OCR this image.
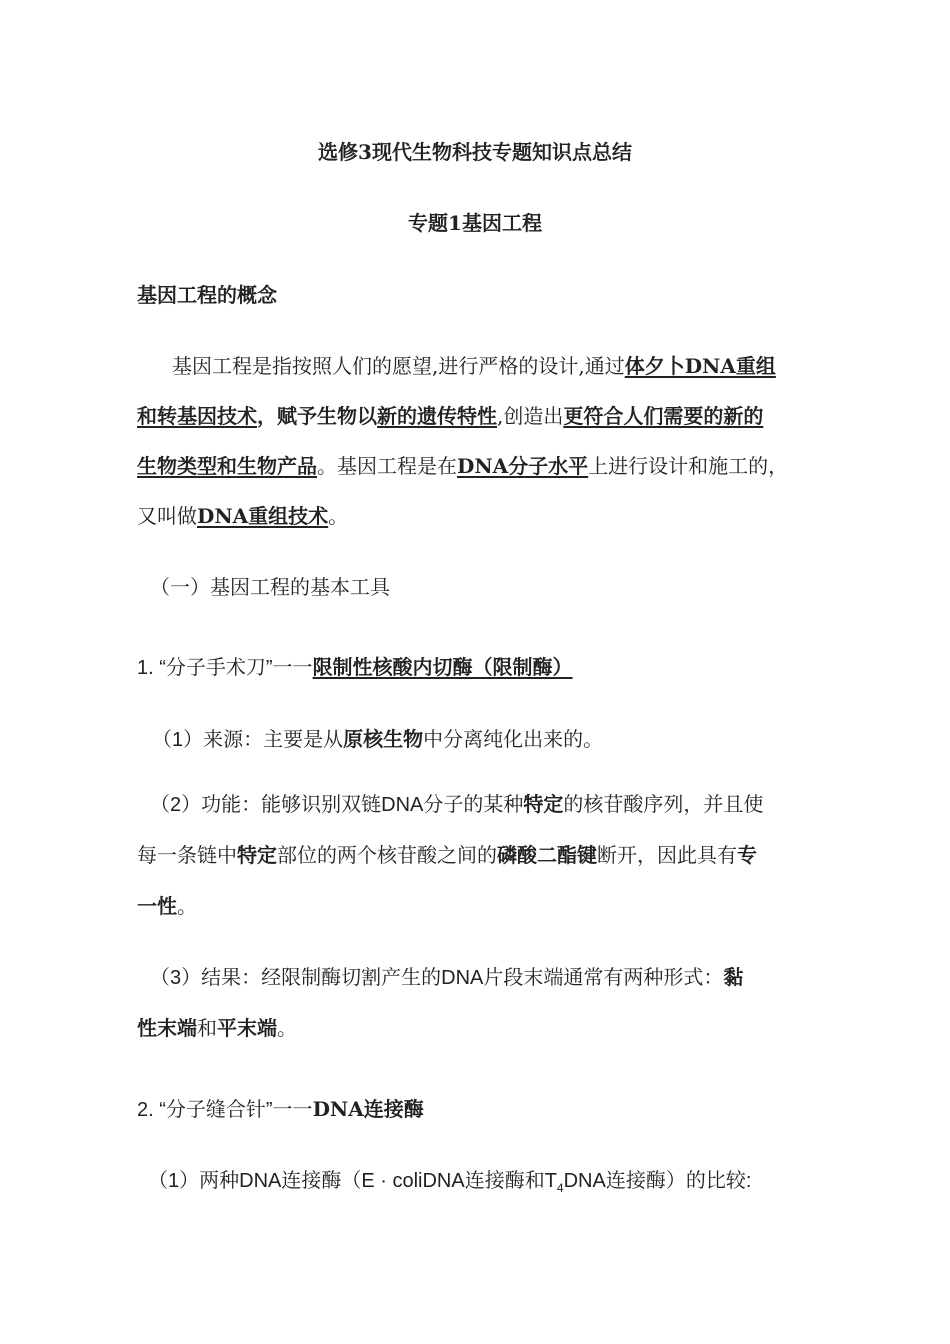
选修3现代生物科技专题知识点总结
专题1基因工程
基因工程的概念
基因工程是指按照人们的愿望,进行严格的设计,通过体夕卜DNA重组
和转基因技术，赋予生物以新的遗传特性,创造出更符合人们需要的新的
生物类型和生物产品。基因工程是在DNA分子水平上进行设计和施工的，
又叫做DNA重组技术。
（一）基因工程的基本工具
1. “分子手术刀”一一限制性核酸内切酶（限制酶）
（1）来源：主要是从原核生物中分离纯化出来的。
（2）功能：能够识别双链DNA分子的某种特定的核苷酸序列，并且使
每一条链中特定部位的两个核苷酸之间的磷酸二酯键断开，因此具有专
一性。
（3）结果：经限制酶切割产生的DNA片段末端通常有两种形式：黏
性末端和平末端。
2. “分子缝合针”一一DNA连接酶
（1）两种DNA连接酶（E · coliDNA连接酶和$T_4DNA$连接酶）的比较:
